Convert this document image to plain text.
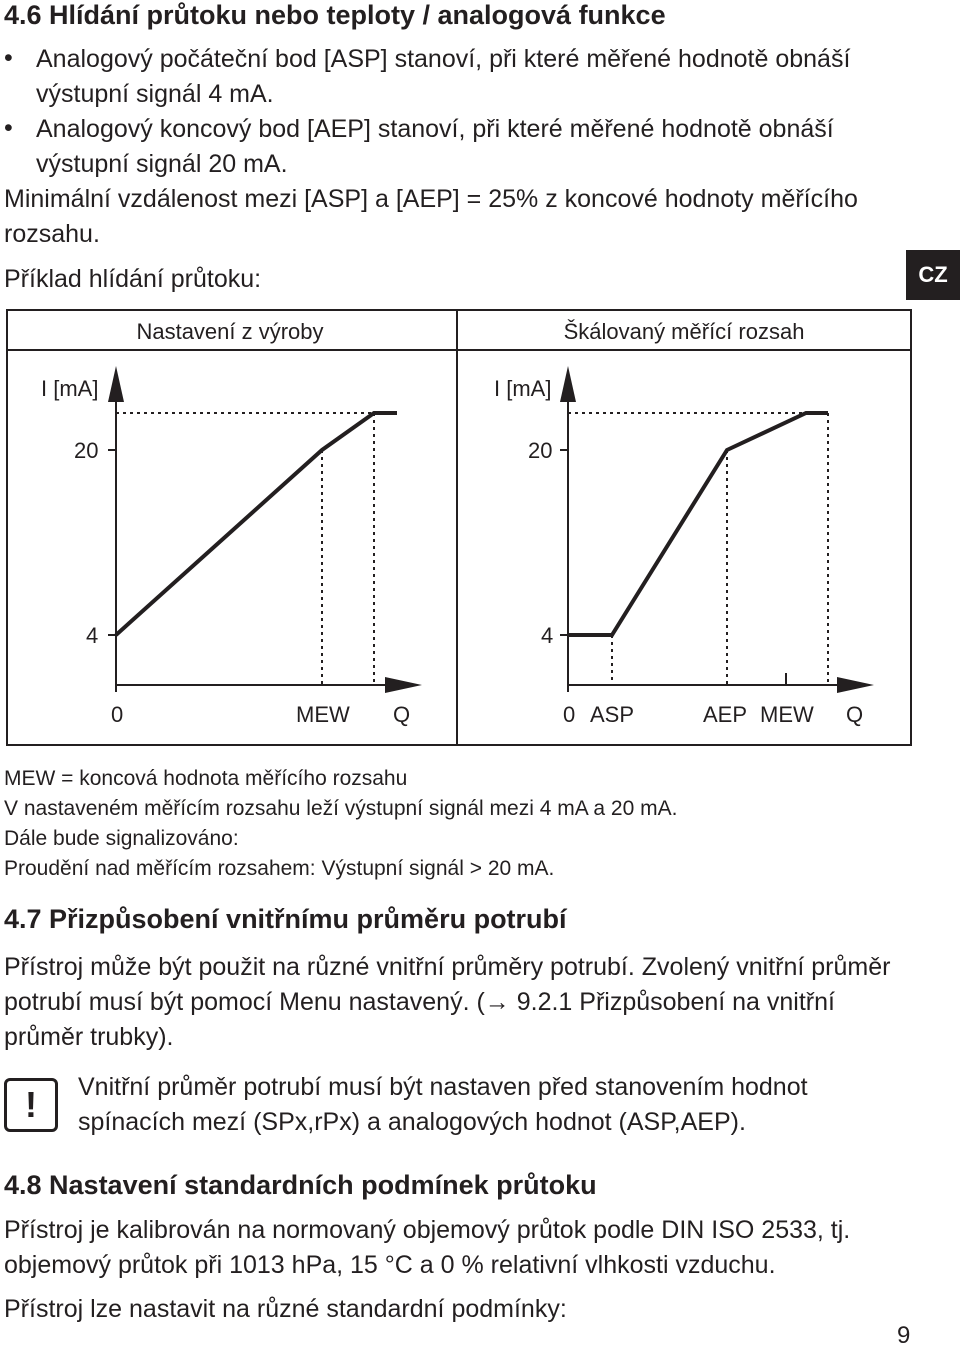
4.6 Hlídání průtoku nebo teploty / analogová funkce
• Analogový počáteční bod [ASP] stanoví, při které měřené hodnotě obnáší
výstupní signál 4 mA.
• Analogový koncový bod [AEP] stanoví, při které měřené hodnotě obnáší
výstupní signál 20 mA.
Minimální vzdálenost mezi [ASP] a [AEP] = 25% z koncové hodnoty měřícího
rozsahu.
Příklad hlídání průtoku:	CZ
Nastavení z výroby	Škálovaný měřící rozsah
I [mA]
20
4
0	MEW Q
I [mA]
20
4
0 ASP	AEP MEW Q
MEW = koncová hodnota měřícího rozsahu
V nastaveném měřícím rozsahu leží výstupní signál mezi 4 mA a 20 mA.
Dále bude signalizováno:
Proudění nad měřícím rozsahem: Výstupní signál > 20 mA.
4.7 Přizpůsobení vnitřnímu průměru potrubí
Přístroj může být použit na různé vnitřní průměry potrubí. Zvolený vnitřní průměr
potrubí musí být pomocí Menu nastavený. (→ 9.2.1 Přizpůsobení na vnitřní
průměr trubky).
!	Vnitřní průměr potrubí musí být nastaven před stanovením hodnot
spínacích mezí (SPx,rPx) a analogových hodnot (ASP,AEP).
4.8 Nastavení standardních podmínek průtoku
Přístroj je kalibrován na normovaný objemový průtok podle DIN ISO 2533, tj.
objemový průtok při 1013 hPa, 15 °C a 0 % relativní vlhkosti vzduchu.
Přístroj lze nastavit na různé standardní podmínky:
9
